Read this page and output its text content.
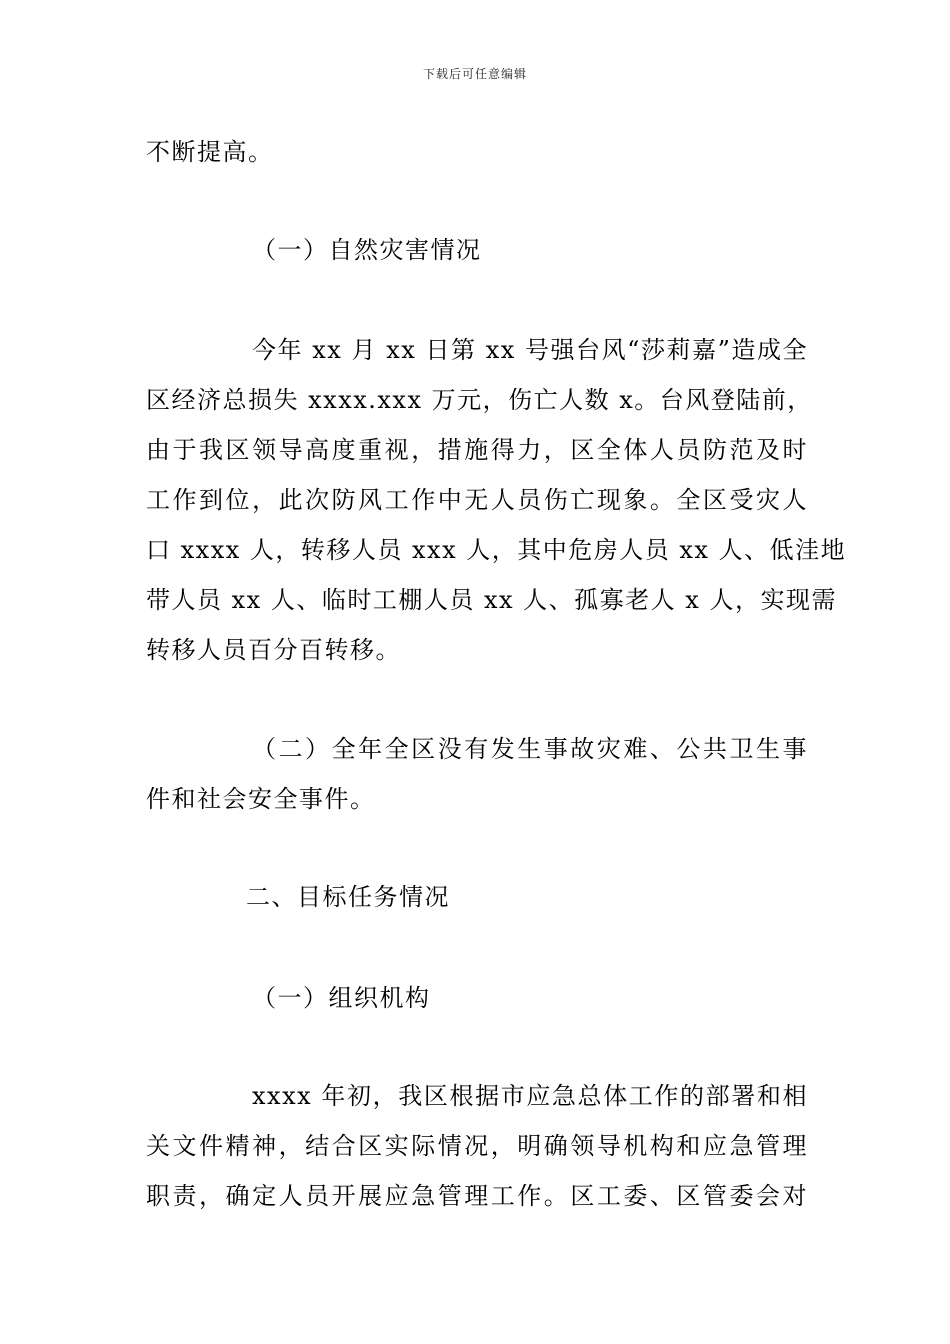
下载后可任意编辑
不断提高。
（一）自然灾害情况
今年 xx 月 xx 日第 xx 号强台风“莎莉嘉”造成全
区经济总损失 xxxx.xxx 万元，伤亡人数 x。台风登陆前，
由于我区领导高度重视，措施得力，区全体人员防范及时
工作到位，此次防风工作中无人员伤亡现象。全区受灾人
口 xxxx 人，转移人员 xxx 人，其中危房人员 xx 人、低洼地
带人员 xx 人、临时工棚人员 xx 人、孤寡老人 x 人，实现需
转移人员百分百转移。
（二）全年全区没有发生事故灾难、公共卫生事
件和社会安全事件。
二、目标任务情况
（一）组织机构
xxxx 年初，我区根据市应急总体工作的部署和相
关文件精神，结合区实际情况，明确领导机构和应急管理
职责，确定人员开展应急管理工作。区工委、区管委会对
